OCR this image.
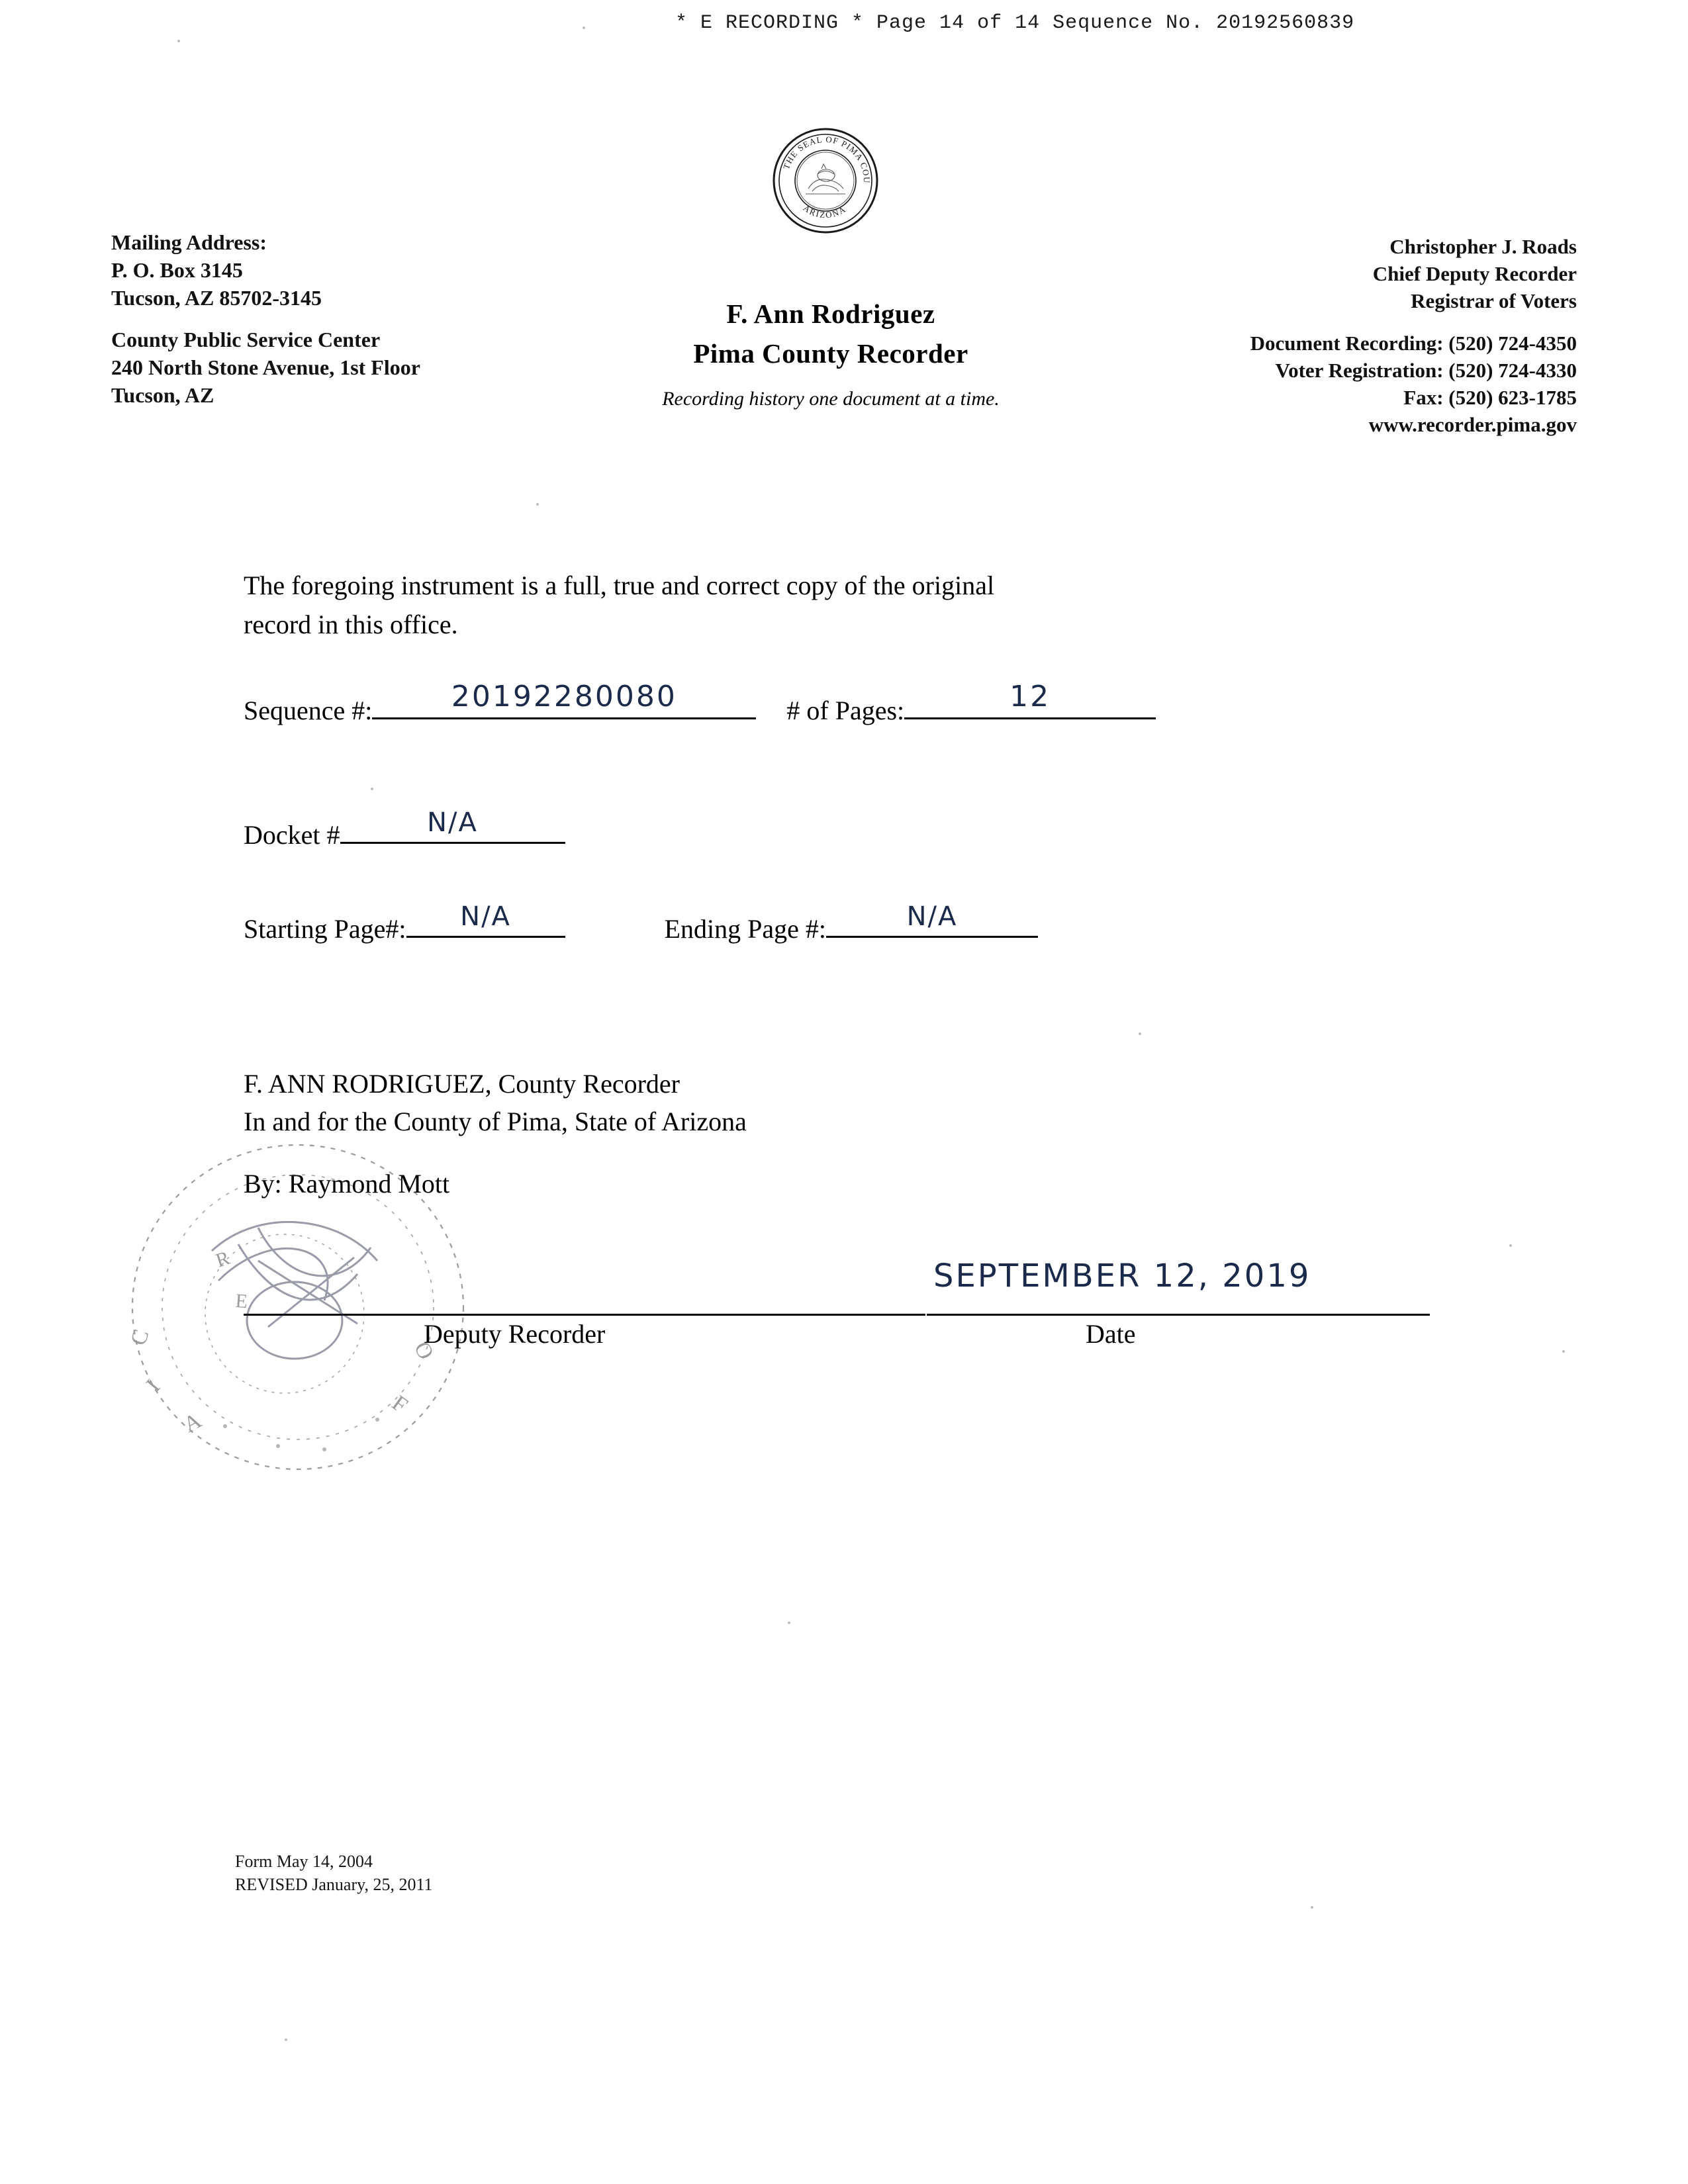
* E RECORDING * Page 14 of 14 Sequence No. 20192560839
THE SEAL OF PIMA COUNTY
ARIZONA
Mailing Address:
P. O. Box 3145
Tucson, AZ 85702-3145
County Public Service Center
240 North Stone Avenue, 1st Floor
Tucson, AZ
F. Ann Rodriguez
Pima County Recorder
Recording history one document at a time.
Christopher J. Roads
Chief Deputy Recorder
Registrar of Voters
Document Recording: (520) 724-4350
Voter Registration: (520) 724-4330
Fax: (520) 623-1785
www.recorder.pima.gov
The foregoing instrument is a full, true and correct copy of the original
record in this office.
Sequence #:	20192280080	# of Pages:	12
Docket #	N/A
Starting Page#:	N/A	Ending Page #:	N/A
F. ANN RODRIGUEZ, County Recorder
In and for the County of Pima, State of Arizona
By: Raymond Mott
Deputy Recorder
SEPTEMBER 12, 2019
Date
C
I
A
O
F
R
E
Form May 14, 2004
REVISED January, 25, 2011
